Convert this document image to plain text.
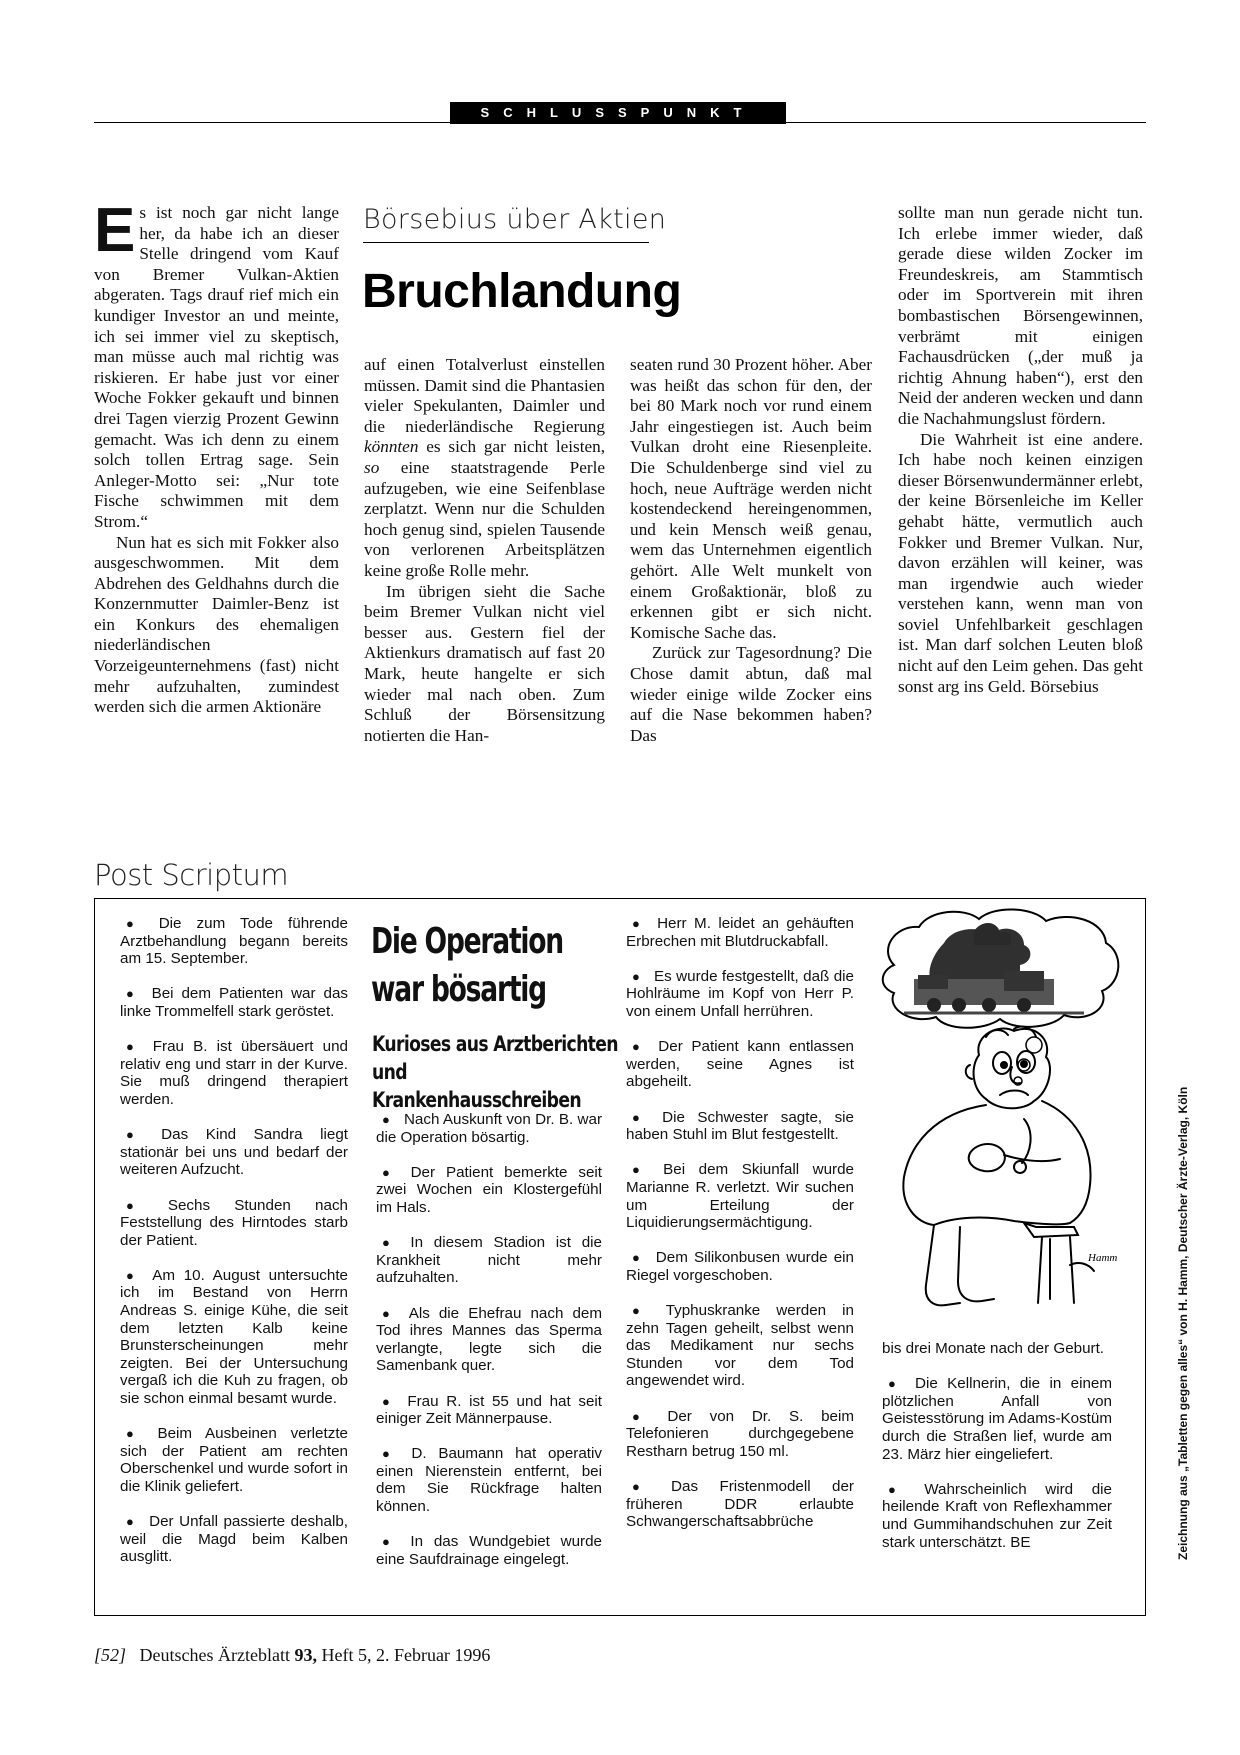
SCHLUSSPUNKT

Es ist noch gar nicht lange her, da habe ich an dieser Stelle dringend vom Kauf von Bremer Vulkan-Aktien abgeraten. Tags drauf rief mich ein kundiger Investor an und meinte, ich sei immer viel zu skeptisch, man müsse auch mal richtig was riskieren. Er habe just vor einer Woche Fokker gekauft und binnen drei Tagen vierzig Prozent Gewinn gemacht. Was ich denn zu einem solch tollen Ertrag sage. Sein Anleger-Motto sei: „Nur tote Fische schwimmen mit dem Strom.“

Nun hat es sich mit Fokker also ausgeschwommen. Mit dem Abdrehen des Geldhahns durch die Konzernmutter Daimler-Benz ist ein Konkurs des ehemaligen niederländischen Vorzeigeunternehmens (fast) nicht mehr aufzuhalten, zumindest werden sich die armen Aktionäre

Börsebius über Aktien
Bruchlandung

auf einen Totalverlust einstellen müssen. Damit sind die Phantasien vieler Spekulanten, Daimler und die niederländische Regierung könnten es sich gar nicht leisten, so eine staatstragende Perle aufzugeben, wie eine Seifenblase zerplatzt. Wenn nur die Schulden hoch genug sind, spielen Tausende von verlorenen Arbeitsplätzen keine große Rolle mehr.

Im übrigen sieht die Sache beim Bremer Vulkan nicht viel besser aus. Gestern fiel der Aktienkurs dramatisch auf fast 20 Mark, heute hangelte er sich wieder mal nach oben. Zum Schluß der Börsensitzung notierten die Han-

seaten rund 30 Prozent höher. Aber was heißt das schon für den, der bei 80 Mark noch vor rund einem Jahr eingestiegen ist. Auch beim Vulkan droht eine Riesenpleite. Die Schuldenberge sind viel zu hoch, neue Aufträge werden nicht kostendeckend hereingenommen, und kein Mensch weiß genau, wem das Unternehmen eigentlich gehört. Alle Welt munkelt von einem Großaktionär, bloß zu erkennen gibt er sich nicht. Komische Sache das.

Zurück zur Tagesordnung? Die Chose damit abtun, daß mal wieder einige wilde Zocker eins auf die Nase bekommen haben? Das

sollte man nun gerade nicht tun. Ich erlebe immer wieder, daß gerade diese wilden Zocker im Freundeskreis, am Stammtisch oder im Sportverein mit ihren bombastischen Börsengewinnen, verbrämt mit einigen Fachausdrücken („der muß ja richtig Ahnung haben“), erst den Neid der anderen wecken und dann die Nachahmungslust fördern.

Die Wahrheit ist eine andere. Ich habe noch keinen einzigen dieser Börsenwundermänner erlebt, der keine Börsenleiche im Keller gehabt hätte, vermutlich auch Fokker und Bremer Vulkan. Nur, davon erzählen will keiner, was man irgendwie auch wieder verstehen kann, wenn man von soviel Unfehlbarkeit geschlagen ist. Man darf solchen Leuten bloß nicht auf den Leim gehen. Das geht sonst arg ins Geld. Börsebius

Post Scriptum

● Die zum Tode führende Arztbehandlung begann bereits am 15. September.

● Bei dem Patienten war das linke Trommelfell stark geröstet.

● Frau B. ist übersäuert und relativ eng und starr in der Kurve. Sie muß dringend therapiert werden.

● Das Kind Sandra liegt stationär bei uns und bedarf der weiteren Aufzucht.

● Sechs Stunden nach Feststellung des Hirntodes starb der Patient.

● Am 10. August untersuchte ich im Bestand von Herrn Andreas S. einige Kühe, die seit dem letzten Kalb keine Brunsterscheinungen mehr zeigten. Bei der Untersuchung vergaß ich die Kuh zu fragen, ob sie schon einmal besamt wurde.

● Beim Ausbeinen verletzte sich der Patient am rechten Oberschenkel und wurde sofort in die Klinik geliefert.

● Der Unfall passierte deshalb, weil die Magd beim Kalben ausglitt.

Die Operation war bösartig
Kurioses aus Arztberichten und Krankenhausschreiben

● Nach Auskunft von Dr. B. war die Operation bösartig.

● Der Patient bemerkte seit zwei Wochen ein Klostergefühl im Hals.

● In diesem Stadion ist die Krankheit nicht mehr aufzuhalten.

● Als die Ehefrau nach dem Tod ihres Mannes das Sperma verlangte, legte sich die Samenbank quer.

● Frau R. ist 55 und hat seit einiger Zeit Männerpause.

● D. Baumann hat operativ einen Nierenstein entfernt, bei dem Sie Rückfrage halten können.

● In das Wundgebiet wurde eine Saufdrainage eingelegt.

● Herr M. leidet an gehäuften Erbrechen mit Blutdruckabfall.

● Es wurde festgestellt, daß die Hohlräume im Kopf von Herr P. von einem Unfall herrühren.

● Der Patient kann entlassen werden, seine Agnes ist abgeheilt.

● Die Schwester sagte, sie haben Stuhl im Blut festgestellt.

● Bei dem Skiunfall wurde Marianne R. verletzt. Wir suchen um Erteilung der Liquidierungsermächtigung.

● Dem Silikonbusen wurde ein Riegel vorgeschoben.

● Typhuskranke werden in zehn Tagen geheilt, selbst wenn das Medikament nur sechs Stunden vor dem Tod angewendet wird.

● Der von Dr. S. beim Telefonieren durchgegebene Restharn betrug 150 ml.

● Das Fristenmodell der früheren DDR erlaubte Schwangerschaftsabbrüche

Hamm

bis drei Monate nach der Geburt.

● Die Kellnerin, die in einem plötzlichen Anfall von Geistesstörung im Adams-Kostüm durch die Straßen lief, wurde am 23. März hier eingeliefert.

● Wahrscheinlich wird die heilende Kraft von Reflexhammer und Gummihandschuhen zur Zeit stark unterschätzt. BE	Zeichnung aus „Tabletten gegen alles“ von H. Hamm, Deutscher Ärzte-Verlag, Köln
[52] Deutsches Ärzteblatt 93, Heft 5, 2. Februar 1996
